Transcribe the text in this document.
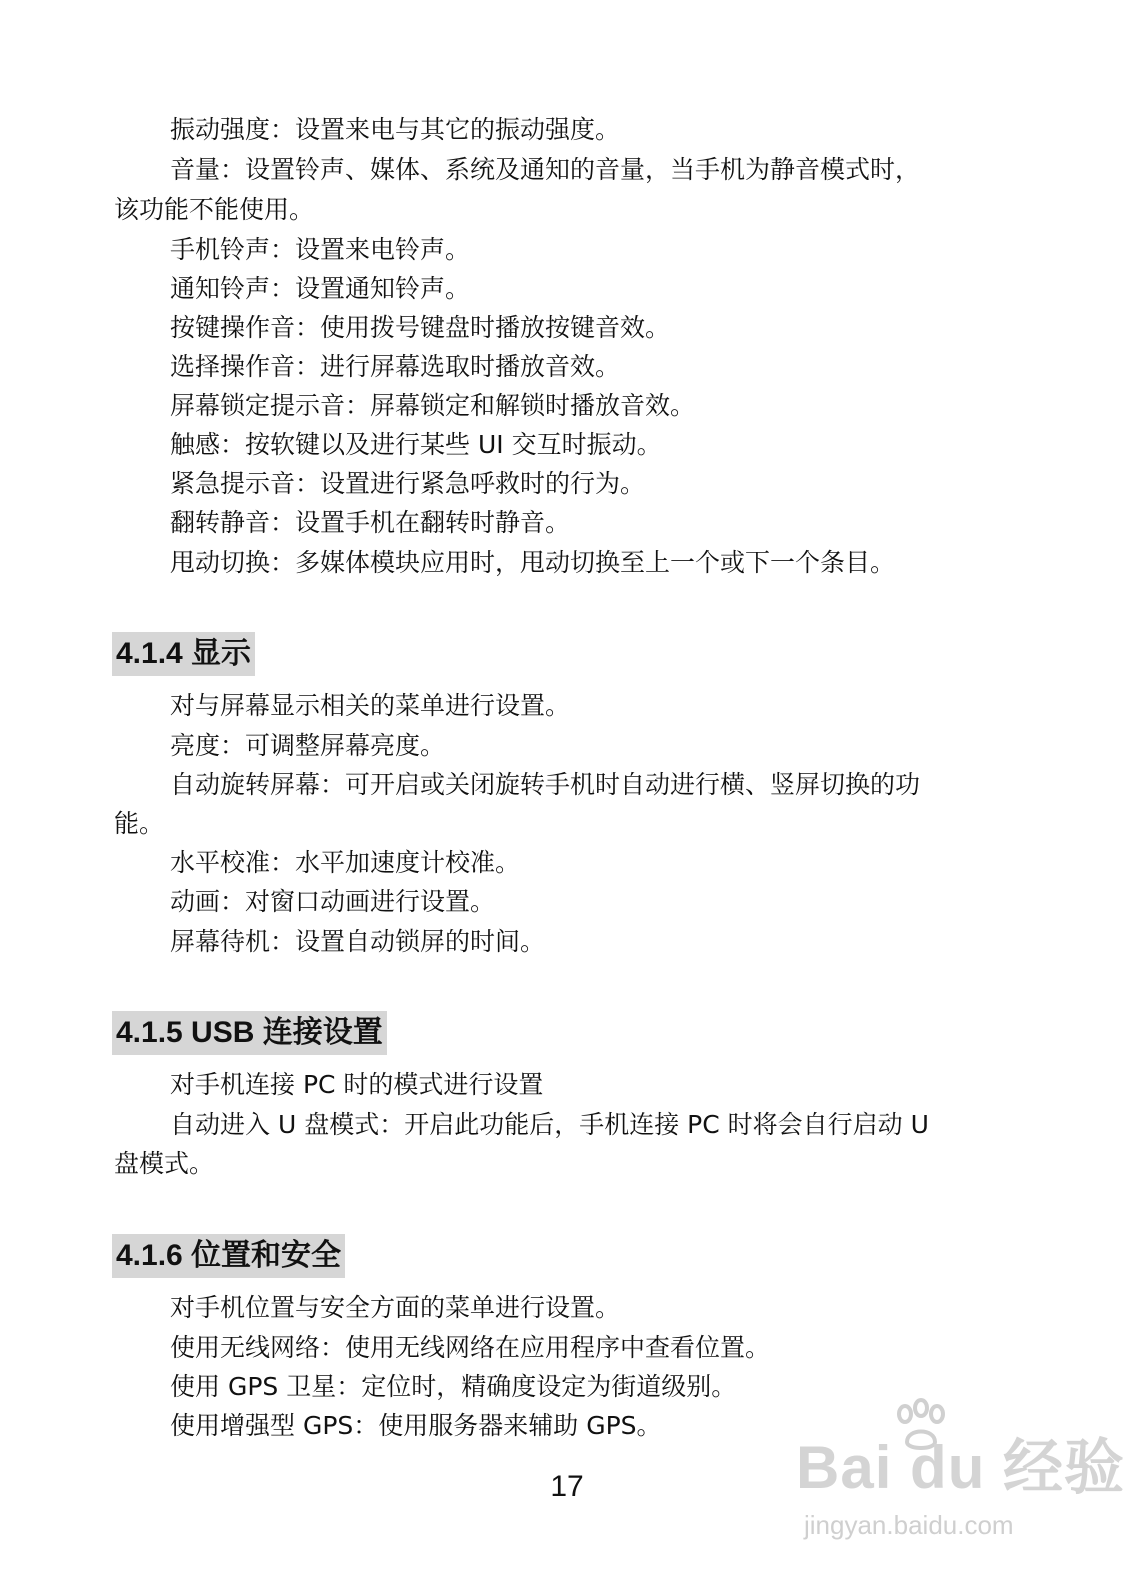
振动强度：设置来电与其它的振动强度。
音量：设置铃声、媒体、系统及通知的音量，当手机为静音模式时，
该功能不能使用。
手机铃声：设置来电铃声。
通知铃声：设置通知铃声。
按键操作音：使用拨号键盘时播放按键音效。
选择操作音：进行屏幕选取时播放音效。
屏幕锁定提示音：屏幕锁定和解锁时播放音效。
触感：按软键以及进行某些 UI 交互时振动。
紧急提示音：设置进行紧急呼救时的行为。
翻转静音：设置手机在翻转时静音。
甩动切换：多媒体模块应用时，甩动切换至上一个或下一个条目。
4.1.4 显示
对与屏幕显示相关的菜单进行设置。
亮度：可调整屏幕亮度。
自动旋转屏幕：可开启或关闭旋转手机时自动进行横、竖屏切换的功
能。
水平校准：水平加速度计校准。
动画：对窗口动画进行设置。
屏幕待机：设置自动锁屏的时间。
4.1.5 USB 连接设置
对手机连接 PC 时的模式进行设置
自动进入 U 盘模式：开启此功能后，手机连接 PC 时将会自行启动 U
盘模式。
4.1.6 位置和安全
对手机位置与安全方面的菜单进行设置。
使用无线网络：使用无线网络在应用程序中查看位置。
使用 GPS 卫星：定位时，精确度设定为街道级别。
使用增强型 GPS：使用服务器来辅助 GPS。
17	Bai du 经验
jingyan.baidu.com
